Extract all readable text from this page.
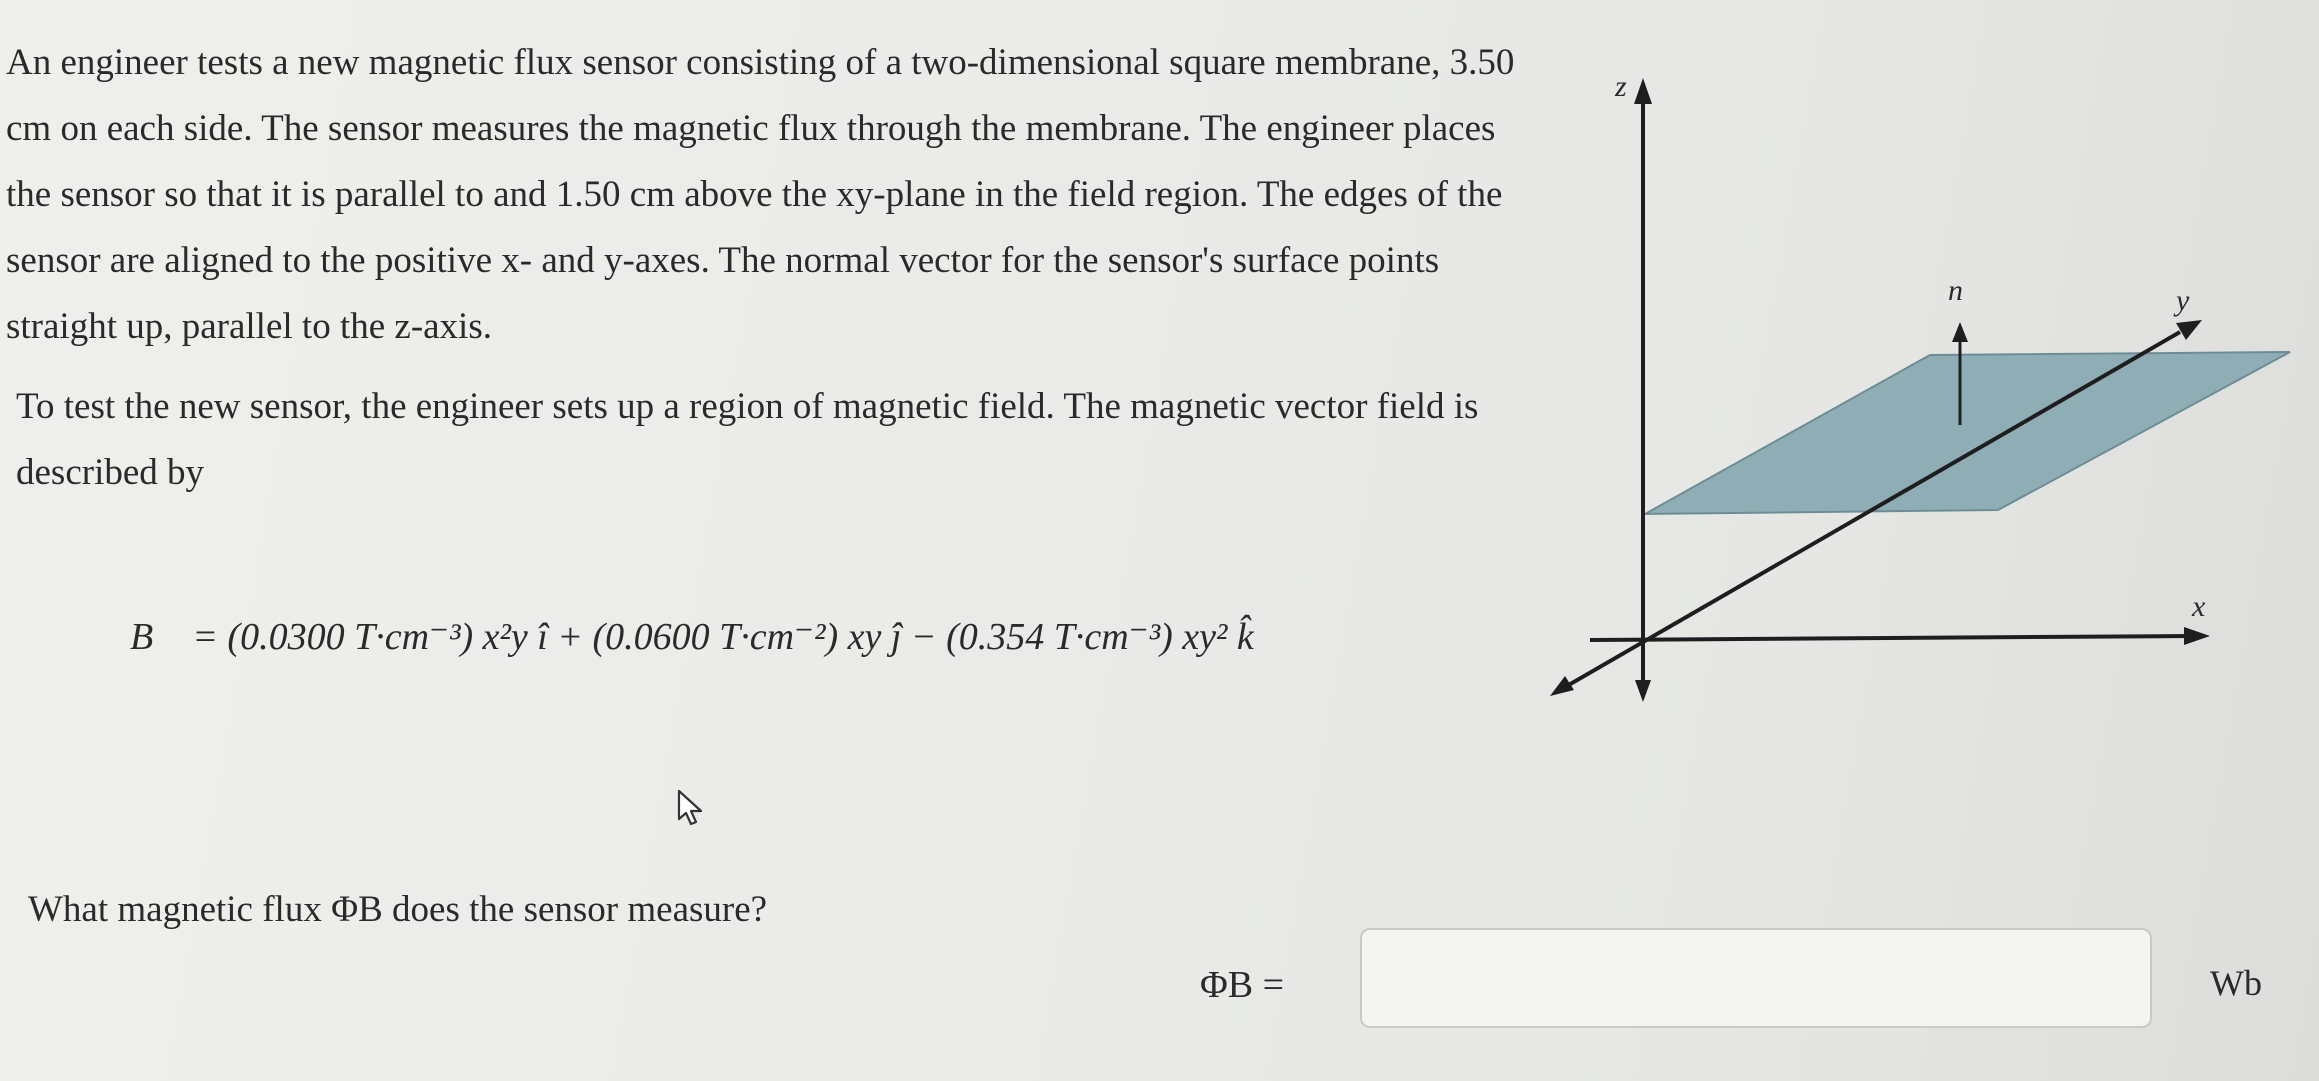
An engineer tests a new magnetic flux sensor consisting of a two-dimensional square membrane, 3.50 cm on each side. The sensor measures the magnetic flux through the membrane. The engineer places the sensor so that it is parallel to and 1.50 cm above the xy-plane in the field region. The edges of the sensor are aligned to the positive x- and y-axes. The normal vector for the sensor's surface points straight up, parallel to the z-axis.

To test the new sensor, the engineer sets up a region of magnetic field. The magnetic vector field is described by

B⃗ = (0.0300 T·cm⁻³) x²y î + (0.0600 T·cm⁻²) xy ĵ − (0.354 T·cm⁻³) xy² k̂
What magnetic flux ΦB does the sensor measure?
ΦB =	Wb
z
x
y
n⃗
